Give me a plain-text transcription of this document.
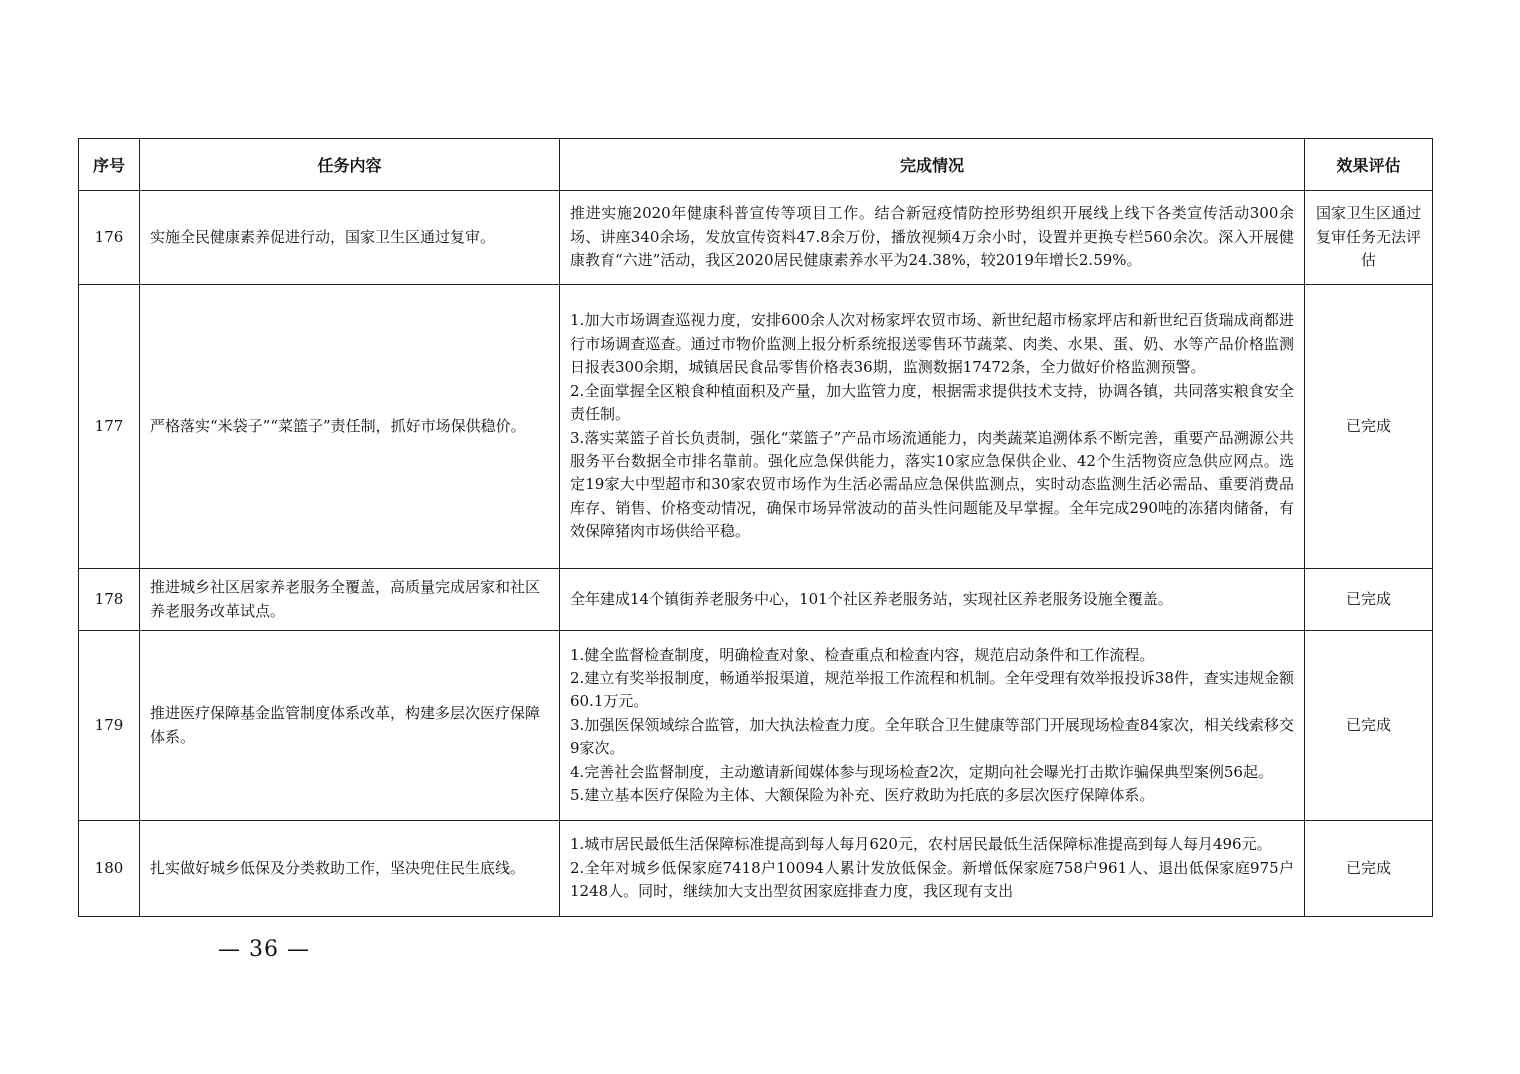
序号	任务内容	完成情况	效果评估
176	实施全民健康素养促进行动，国家卫生区通过复审。	推进实施2020年健康科普宣传等项目工作。结合新冠疫情防控形势组织开展线上线下各类宣传活动300余场、讲座340余场，发放宣传资料47.8余万份，播放视频4万余小时，设置并更换专栏560余次。深入开展健康教育“六进”活动，我区2020居民健康素养水平为24.38%，较2019年增长2.59%。	国家卫生区通过复审任务无法评估
177	严格落实“米袋子”“菜篮子”责任制，抓好市场保供稳价。	1.加大市场调查巡视力度，安排600余人次对杨家坪农贸市场、新世纪超市杨家坪店和新世纪百货瑞成商都进行市场调查巡查。通过市物价监测上报分析系统报送零售环节蔬菜、肉类、水果、蛋、奶、水等产品价格监测日报表300余期，城镇居民食品零售价格表36期，监测数据17472条，全力做好价格监测预警。
2.全面掌握全区粮食种植面积及产量，加大监管力度，根据需求提供技术支持，协调各镇，共同落实粮食安全责任制。
3.落实菜篮子首长负责制，强化“菜篮子”产品市场流通能力，肉类蔬菜追溯体系不断完善，重要产品溯源公共服务平台数据全市排名靠前。强化应急保供能力，落实10家应急保供企业、42个生活物资应急供应网点。选定19家大中型超市和30家农贸市场作为生活必需品应急保供监测点，实时动态监测生活必需品、重要消费品库存、销售、价格变动情况，确保市场异常波动的苗头性问题能及早掌握。全年完成290吨的冻猪肉储备，有效保障猪肉市场供给平稳。	已完成
178	推进城乡社区居家养老服务全覆盖，高质量完成居家和社区养老服务改革试点。	全年建成14个镇街养老服务中心，101个社区养老服务站，实现社区养老服务设施全覆盖。	已完成
179	推进医疗保障基金监管制度体系改革，构建多层次医疗保障体系。	1.健全监督检查制度，明确检查对象、检查重点和检查内容，规范启动条件和工作流程。
2.建立有奖举报制度，畅通举报渠道，规范举报工作流程和机制。全年受理有效举报投诉38件，查实违规金额60.1万元。
3.加强医保领域综合监管，加大执法检查力度。全年联合卫生健康等部门开展现场检查84家次，相关线索移交9家次。
4.完善社会监督制度，主动邀请新闻媒体参与现场检查2次，定期向社会曝光打击欺诈骗保典型案例56起。
5.建立基本医疗保险为主体、大额保险为补充、医疗救助为托底的多层次医疗保障体系。	已完成
180	扎实做好城乡低保及分类救助工作，坚决兜住民生底线。	1.城市居民最低生活保障标准提高到每人每月620元，农村居民最低生活保障标准提高到每人每月496元。
2.全年对城乡低保家庭7418户10094人累计发放低保金。新增低保家庭758户961人、退出低保家庭975户1248人。同时，继续加大支出型贫困家庭排查力度，我区现有支出	已完成
— 36 —
